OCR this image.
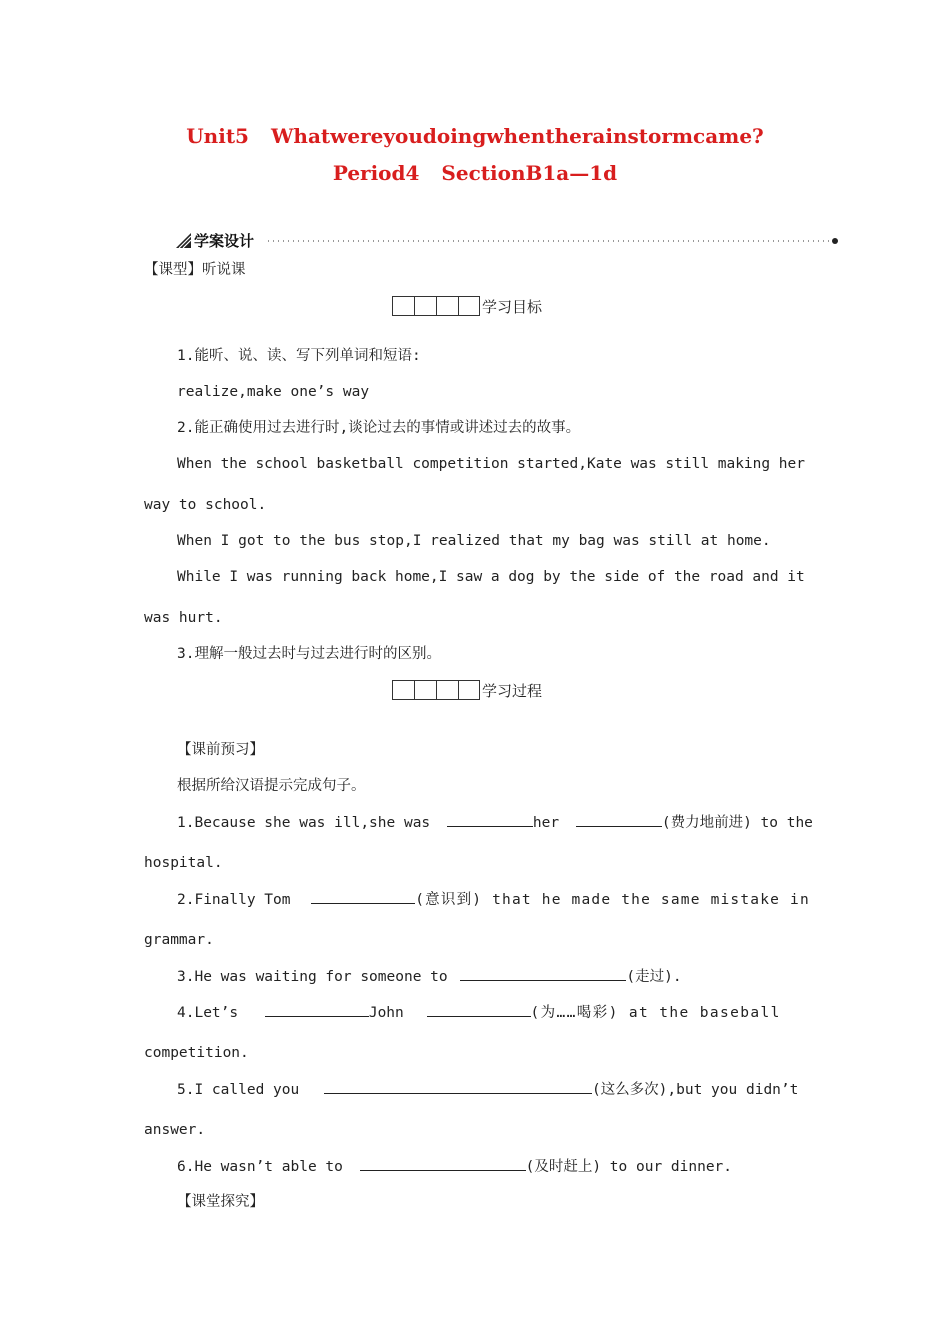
Unit5 Whatwereyoudoingwhentherainstormcame?
Period4 SectionB1a—1d
学案设计
【课型】听说课
学习目标
1.能听、说、读、写下列单词和短语:
realize,make one’s way
2.能正确使用过去进行时,谈论过去的事情或讲述过去的故事。
When the school basketball competition started,Kate was still making her
way to school.
When I got to the bus stop,I realized that my bag was still at home.
While I was running back home,I saw a dog by the side of the road and it
was hurt.
3.理解一般过去时与过去进行时的区别。
学习过程
【课前预习】
根据所给汉语提示完成句子。
1.Because she was ill,she was	her	(费力地前进) to the
hospital.
2.Finally Tom	(意识到) that he made the same mistake in
grammar.
3.He was waiting for someone to	(走过).
4.Let’s	John	(为……喝彩) at the baseball
competition.
5.I called you	(这么多次),but you didn’t
answer.
6.He wasn’t able to	(及时赶上) to our dinner.
【课堂探究】
